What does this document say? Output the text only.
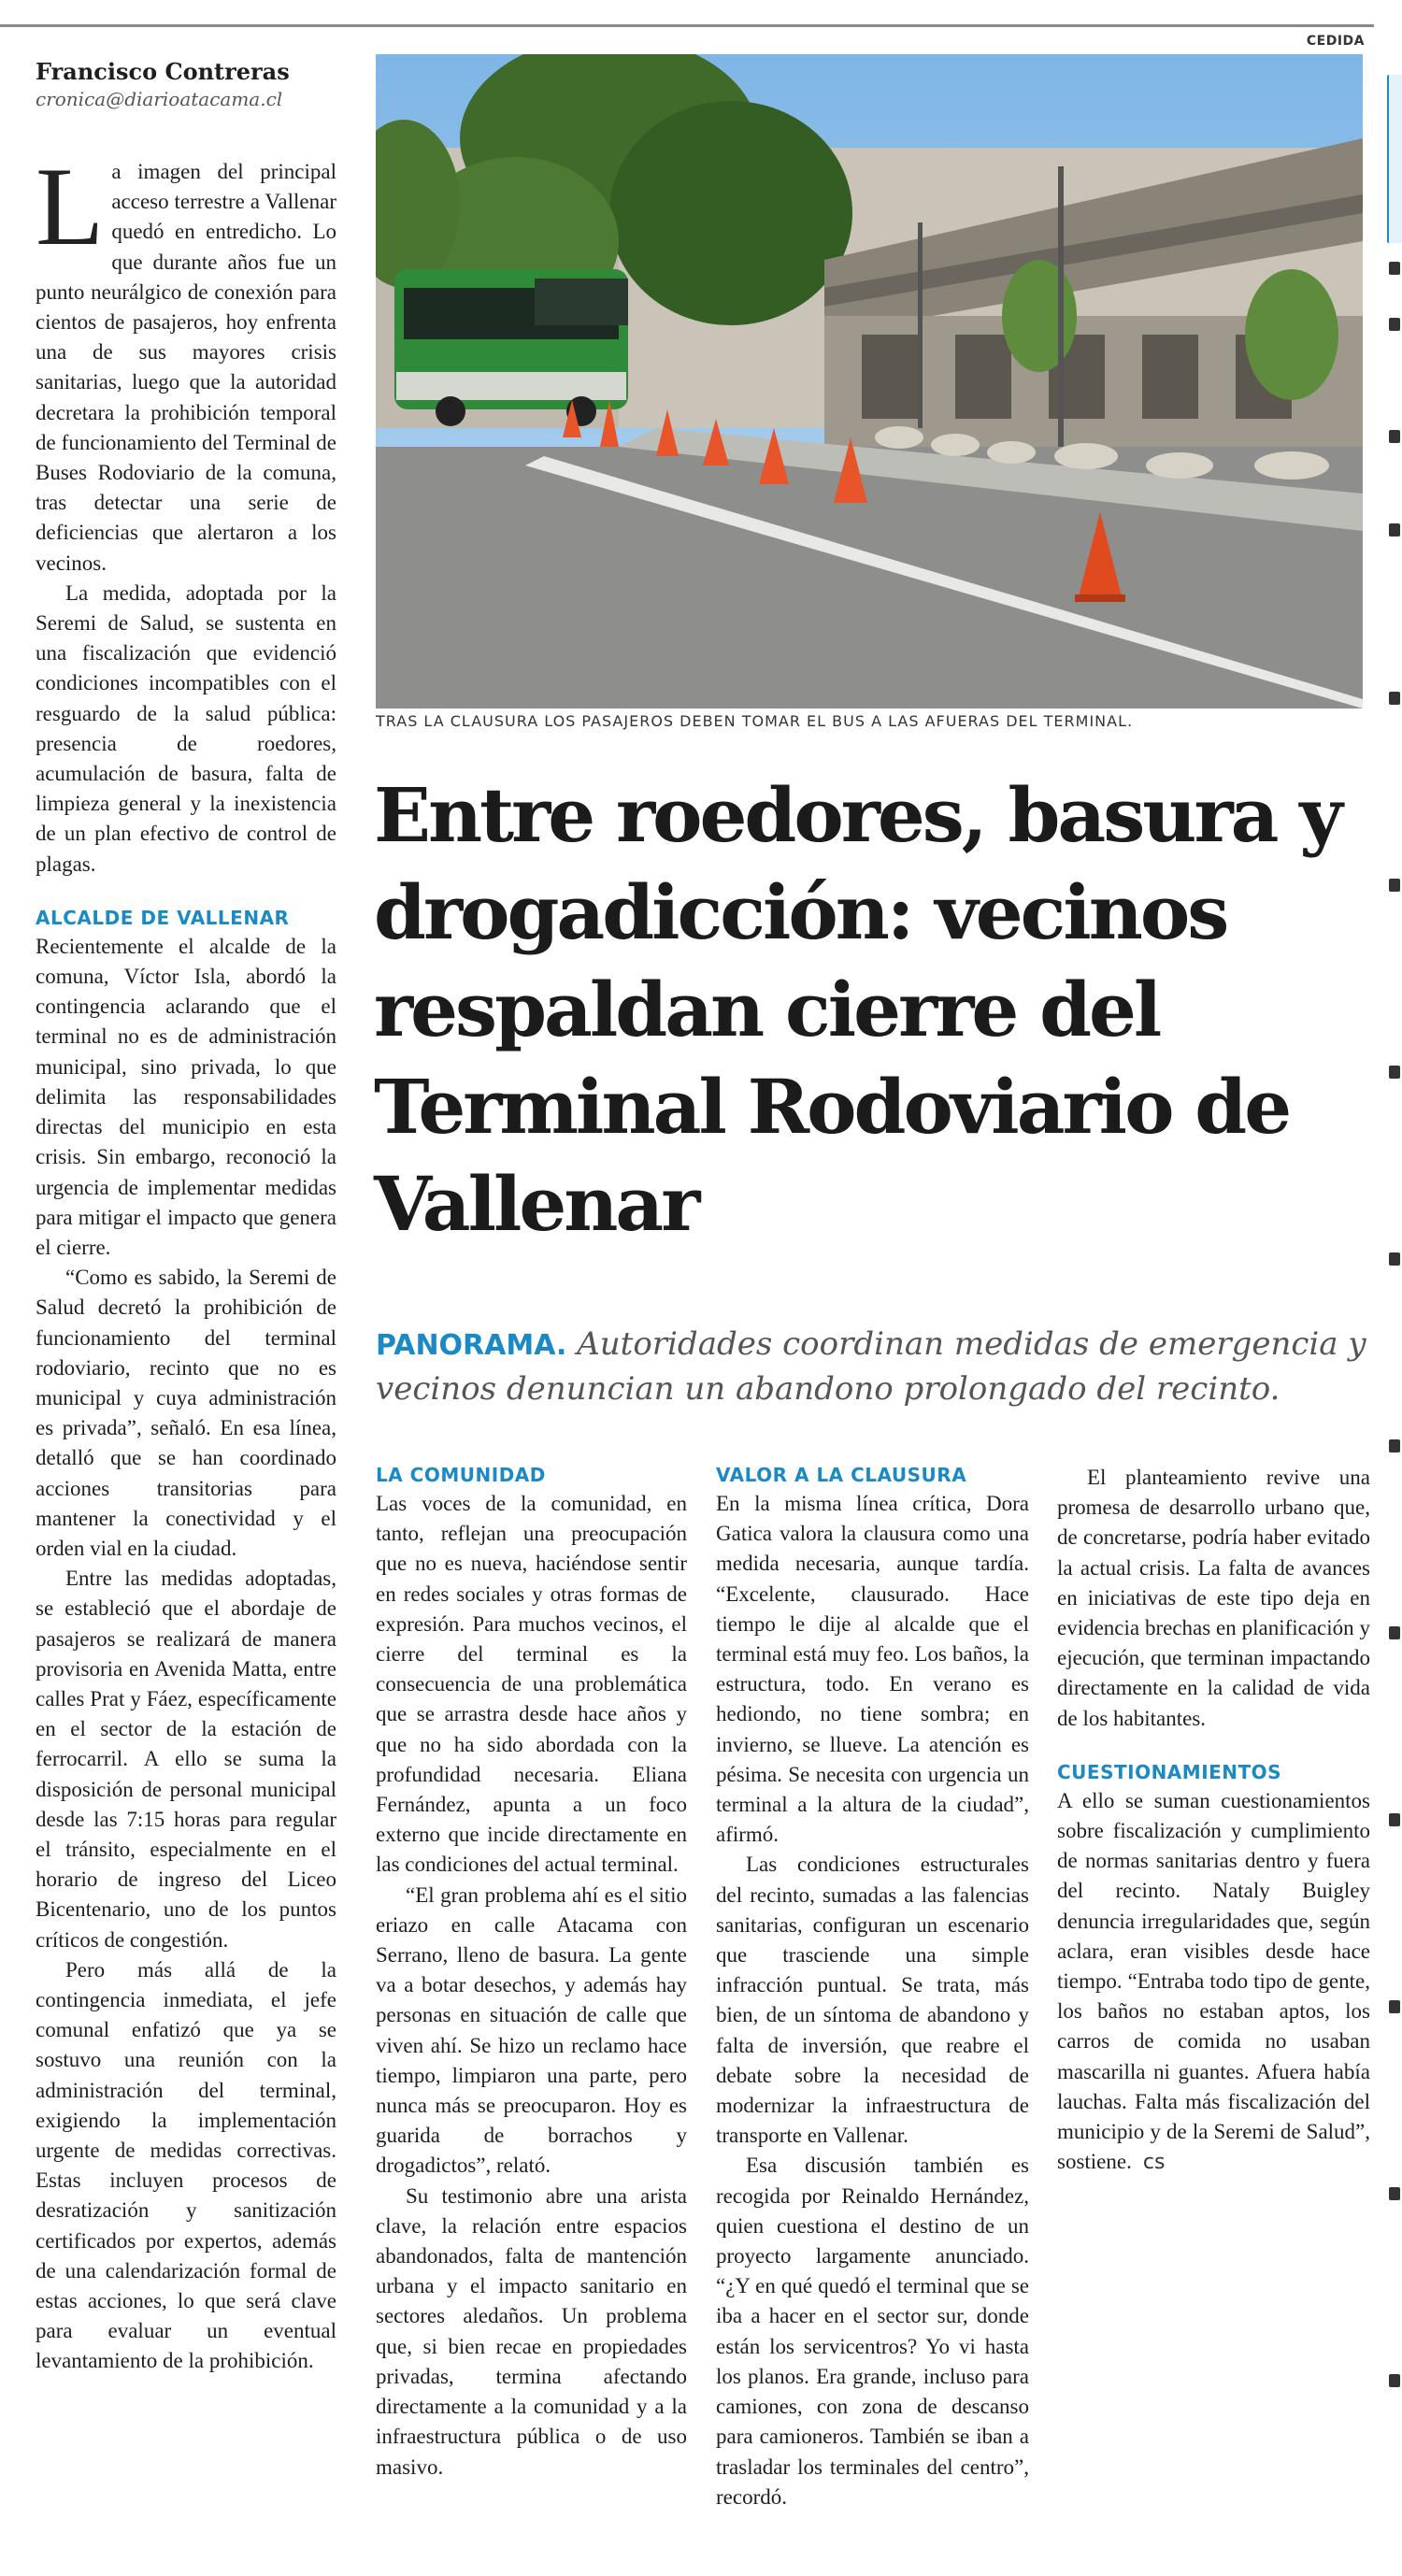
CEDIDA
Francisco Contreras
cronica@diarioatacama.cl

La imagen del principal acceso terrestre a Vallenar quedó en entredicho. Lo que durante años fue un punto neurálgico de conexión para cientos de pasajeros, hoy enfrenta una de sus mayores crisis sanitarias, luego que la autoridad decretara la prohibición temporal de funcionamiento del Terminal de Buses Rodoviario de la comuna, tras detectar una serie de deficiencias que alertaron a los vecinos.

La medida, adoptada por la Seremi de Salud, se sustenta en una fiscalización que evidenció condiciones incompatibles con el resguardo de la salud pública: presencia de roedores, acumulación de basura, falta de limpieza general y la inexistencia de un plan efectivo de control de plagas.

ALCALDE DE VALLENAR

Recientemente el alcalde de la comuna, Víctor Isla, abordó la contingencia aclarando que el terminal no es de administración municipal, sino privada, lo que delimita las responsabilidades directas del municipio en esta crisis. Sin embargo, reconoció la urgencia de implementar medidas para mitigar el impacto que genera el cierre.

“Como es sabido, la Seremi de Salud decretó la prohibición de funcionamiento del terminal rodoviario, recinto que no es municipal y cuya administración es privada”, señaló. En esa línea, detalló que se han coordinado acciones transitorias para mantener la conectividad y el orden vial en la ciudad.

Entre las medidas adoptadas, se estableció que el abordaje de pasajeros se realizará de manera provisoria en Avenida Matta, entre calles Prat y Fáez, específicamente en el sector de la estación de ferrocarril. A ello se suma la disposición de personal municipal desde las 7:15 horas para regular el tránsito, especialmente en el horario de ingreso del Liceo Bicentenario, uno de los puntos críticos de congestión.

Pero más allá de la contingencia inmediata, el jefe comunal enfatizó que ya se sostuvo una reunión con la administración del terminal, exigiendo la implementación urgente de medidas correctivas. Estas incluyen procesos de desratización y sanitización certificados por expertos, además de una calendarización formal de estas acciones, lo que será clave para evaluar un eventual levantamiento de la prohibición.

TRAS LA CLAUSURA LOS PASAJEROS DEBEN TOMAR EL BUS A LAS AFUERAS DEL TERMINAL.
Entre roedores, basura y drogadicción: vecinos respaldan cierre del Terminal Rodoviario de Vallenar
PANORAMA. Autoridades coordinan medidas de emergencia y vecinos denuncian un abandono prolongado del recinto.
LA COMUNIDAD

Las voces de la comunidad, en tanto, reflejan una preocupación que no es nueva, haciéndose sentir en redes sociales y otras formas de expresión. Para muchos vecinos, el cierre del terminal es la consecuencia de una problemática que se arrastra desde hace años y que no ha sido abordada con la profundidad necesaria. Eliana Fernández, apunta a un foco externo que incide directamente en las condiciones del actual terminal.

“El gran problema ahí es el sitio eriazo en calle Atacama con Serrano, lleno de basura. La gente va a botar desechos, y además hay personas en situación de calle que viven ahí. Se hizo un reclamo hace tiempo, limpiaron una parte, pero nunca más se preocuparon. Hoy es guarida de borrachos y drogadictos”, relató.

Su testimonio abre una arista clave, la relación entre espacios abandonados, falta de mantención urbana y el impacto sanitario en sectores aledaños. Un problema que, si bien recae en propiedades privadas, termina afectando directamente a la comunidad y a la infraestructura pública o de uso masivo.

VALOR A LA CLAUSURA

En la misma línea crítica, Dora Gatica valora la clausura como una medida necesaria, aunque tardía. “Excelente, clausurado. Hace tiempo le dije al alcalde que el terminal está muy feo. Los baños, la estructura, todo. En verano es hediondo, no tiene sombra; en invierno, se llueve. La atención es pésima. Se necesita con urgencia un terminal a la altura de la ciudad”, afirmó.

Las condiciones estructurales del recinto, sumadas a las falencias sanitarias, configuran un escenario que trasciende una simple infracción puntual. Se trata, más bien, de un síntoma de abandono y falta de inversión, que reabre el debate sobre la necesidad de modernizar la infraestructura de transporte en Vallenar.

Esa discusión también es recogida por Reinaldo Hernández, quien cuestiona el destino de un proyecto largamente anunciado. “¿Y en qué quedó el terminal que se iba a hacer en el sector sur, donde están los servicentros? Yo vi hasta los planos. Era grande, incluso para camiones, con zona de descanso para camioneros. También se iban a trasladar los terminales del centro”, recordó.

El planteamiento revive una promesa de desarrollo urbano que, de concretarse, podría haber evitado la actual crisis. La falta de avances en iniciativas de este tipo deja en evidencia brechas en planificación y ejecución, que terminan impactando directamente en la calidad de vida de los habitantes.

CUESTIONAMIENTOS

A ello se suman cuestionamientos sobre fiscalización y cumplimiento de normas sanitarias dentro y fuera del recinto. Nataly Buigley denuncia irregularidades que, según aclara, eran visibles desde hace tiempo. “Entraba todo tipo de gente, los baños no estaban aptos, los carros de comida no usaban mascarilla ni guantes. Afuera había lauchas. Falta más fiscalización del municipio y de la Seremi de Salud”, sostiene. cs
